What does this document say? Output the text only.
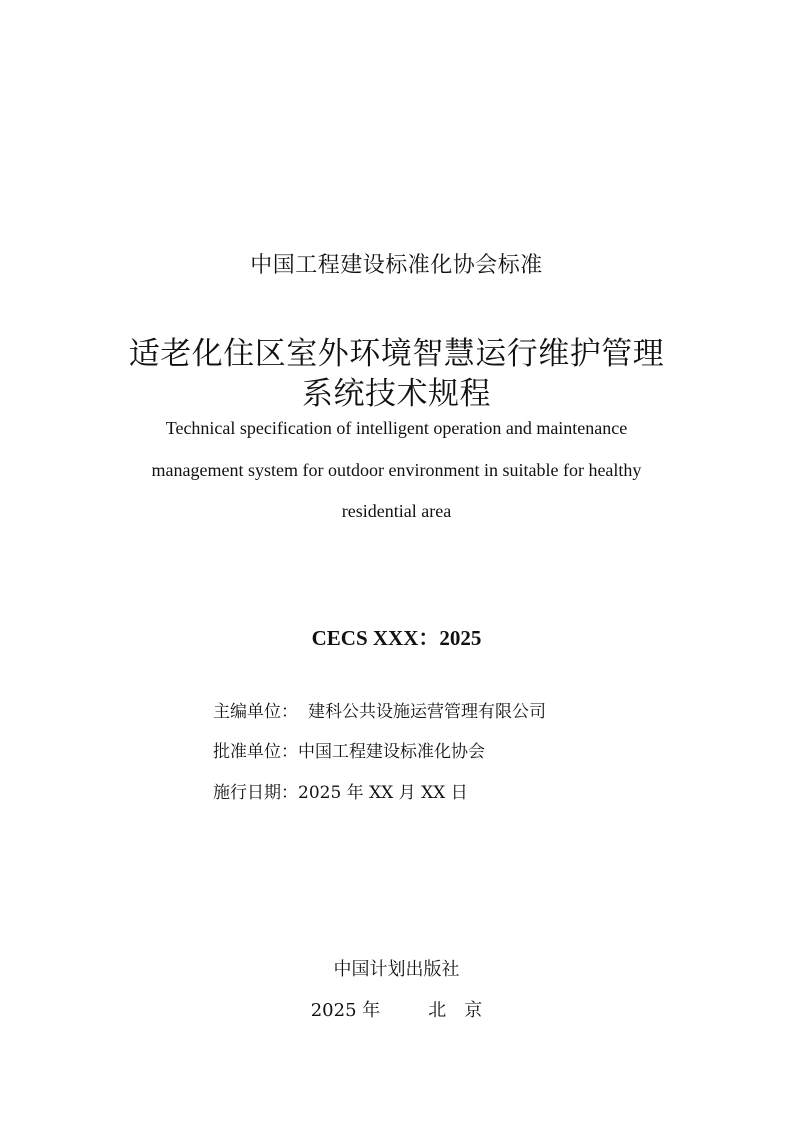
中国工程建设标准化协会标准
适老化住区室外环境智慧运行维护管理
系统技术规程
Technical specification of intelligent operation and maintenance
management system for outdoor environment in suitable for healthy
residential area
CECS XXX：2025
主编单位： 建科公共设施运营管理有限公司
批准单位：中国工程建设标准化协会
施行日期：2025 年 XX 月 XX 日
中国计划出版社
2025 年	北 京
